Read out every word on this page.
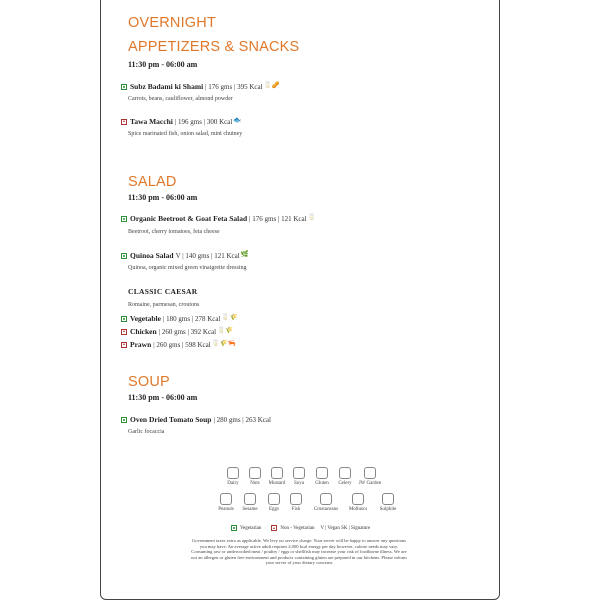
OVERNIGHT
APPETIZERS & SNACKS
11:30 pm - 06:00 am
Subz Badami ki Shami | 176 gms | 395 Kcal 🥛🥜
Carrots, beans, cauliflower, almond powder
Tawa Macchi | 196 gms | 300 Kcal 🐟
Spice marinated fish, onion salad, mint chutney
SALAD
11:30 pm - 06:00 am
Organic Beetroot & Goat Feta Salad | 176 gms | 121 Kcal 🥛
Beetroot, cherry tomatoes, feta cheese
Quinoa Salad V | 140 gms | 121 Kcal 🌿
Quinoa, organic mixed green vinaigrette dressing
CLASSIC CAESAR
Romaine, parmesan, croutons
Vegetable | 180 gms | 278 Kcal 🥛🌾
Chicken | 260 gms | 392 Kcal 🥛🌾
Prawn | 260 gms | 598 Kcal 🥛🌾🦐
SOUP
11:30 pm - 06:00 am
Oven Dried Tomato Soup | 280 gms | 263 Kcal
Garlic focaccia
Dairy	Nuts	Mustard	Soya	Gluten	Celery	JW Garden
Peanuts	Sesame	Eggs	Fish	Crustaceans	Molluscs	Sulphite
Vegetarian	Non - Vegetarian V | Vegan SK | Signature
Government taxes extra as applicable. We levy no service charge. Your server will be happy to answer any questions you may have. An average active adult requires 2,000 kcal energy per day however, calorie needs may vary. Consuming raw or undercooked meat / poultry / eggs or shellfish may increase your risk of foodborne illness. We are not an allergen or gluten free environment and products containing gluten are prepared in our kitchens. Please inform your server of your dietary concerns
